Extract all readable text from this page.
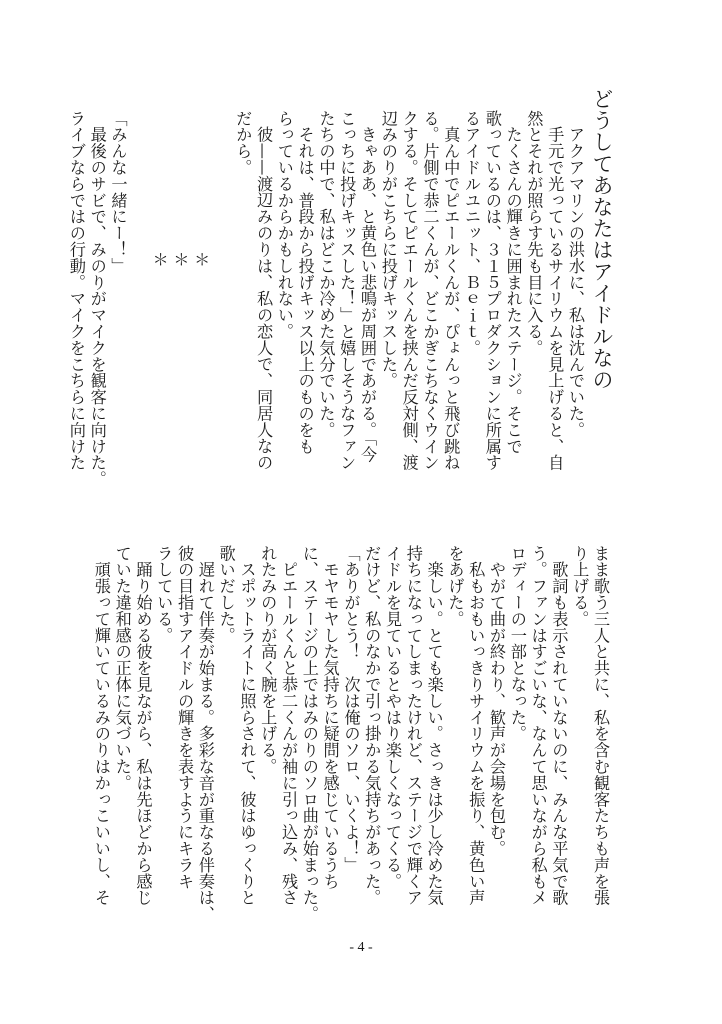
どうしてあなたはアイドルなの
　アクアマリンの洪水に、私は沈んでいた。
　手元で光っているサイリウムを見上げると、自
然とそれが照らす先も目に入る。
　たくさんの輝きに囲まれたステージ。そこで
歌っているのは、３１５プロダクションに所属す
るアイドルユニット、Ｂｅｉｔ。
　真ん中でピエールくんが、ぴょんっと飛び跳ね
る。片側で恭二くんが、どこかぎこちなくウイン
クする。そしてピエールくんを挟んだ反対側、渡
辺みのりがこちらに投げキッスした。
　きゃああ、と黄色い悲鳴が周囲であがる。「今
こっちに投げキッスした！」と嬉しそうなファン
たちの中で、私はどこか冷めた気分でいた。
　それは、普段から投げキッス以上のものをも
らっているからかもしれない。
　彼——渡辺みのりは、私の恋人で、同居人なの
だから。

＊
＊
＊

「みんな一緒にー！」
　最後のサビで、みのりがマイクを観客に向けた。
ライブならではの行動。マイクをこちらに向けた
まま歌う三人と共に、私を含む観客たちも声を張
り上げる。
　歌詞も表示されていないのに、みんな平気で歌
う。ファンはすごいな、なんて思いながら私もメ
ロディーの一部となった。
　やがて曲が終わり、歓声が会場を包む。
　私もおもいっきりサイリウムを振り、黄色い声
をあげた。
　楽しい。とても楽しい。さっきは少し冷めた気
持ちになってしまったけれど、ステージで輝くア
イドルを見ているとやはり楽しくなってくる。
だけど、私のなかで引っ掛かる気持ちがあった。
「ありがとう！　次は俺のソロ、いくよ！」
　モヤモヤした気持ちに疑問を感じているうち
に、ステージの上ではみのりのソロ曲が始まった。
　ピエールくんと恭二くんが袖に引っ込み、残さ
れたみのりが高く腕を上げる。
　スポットライトに照らされて、彼はゆっくりと
歌いだした。
　遅れて伴奏が始まる。多彩な音が重なる伴奏は、
彼の目指すアイドルの輝きを表すようにキラキ
ラしている。
　踊り始める彼を見ながら、私は先ほどから感じ
ていた違和感の正体に気づいた。
　頑張って輝いているみのりはかっこいいし、そ
- 4 -
